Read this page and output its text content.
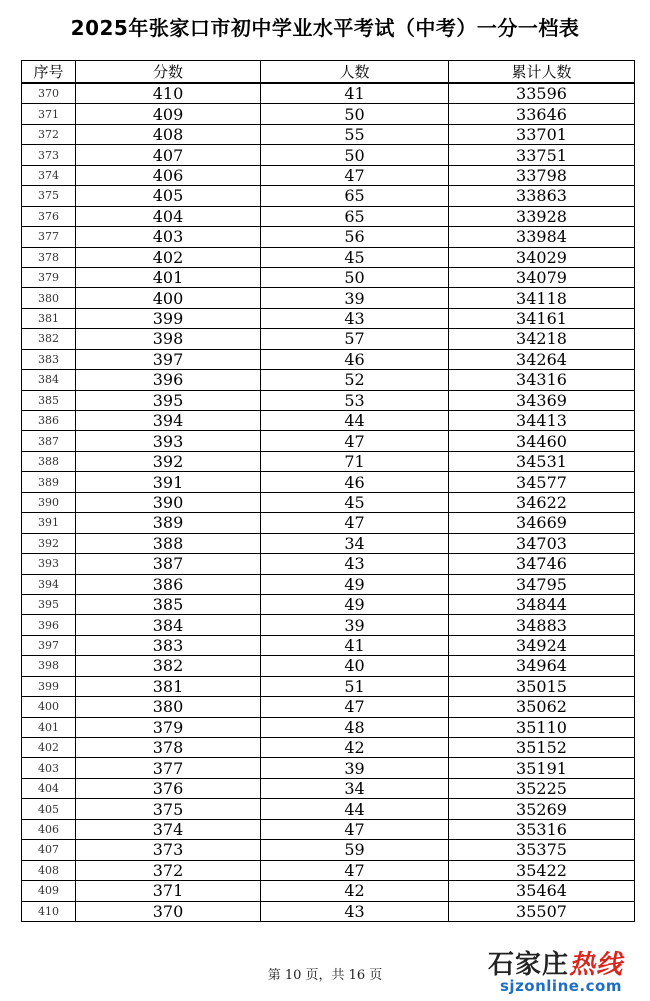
2025年张家口市初中学业水平考试（中考）一分一档表
序号	分数	人数	累计人数
370	410	41	33596
371	409	50	33646
372	408	55	33701
373	407	50	33751
374	406	47	33798
375	405	65	33863
376	404	65	33928
377	403	56	33984
378	402	45	34029
379	401	50	34079
380	400	39	34118
381	399	43	34161
382	398	57	34218
383	397	46	34264
384	396	52	34316
385	395	53	34369
386	394	44	34413
387	393	47	34460
388	392	71	34531
389	391	46	34577
390	390	45	34622
391	389	47	34669
392	388	34	34703
393	387	43	34746
394	386	49	34795
395	385	49	34844
396	384	39	34883
397	383	41	34924
398	382	40	34964
399	381	51	35015
400	380	47	35062
401	379	48	35110
402	378	42	35152
403	377	39	35191
404	376	34	35225
405	375	44	35269
406	374	47	35316
407	373	59	35375
408	372	47	35422
409	371	42	35464
410	370	43	35507
第 10 页，共 16 页	石家庄热线
sjzonline.com
